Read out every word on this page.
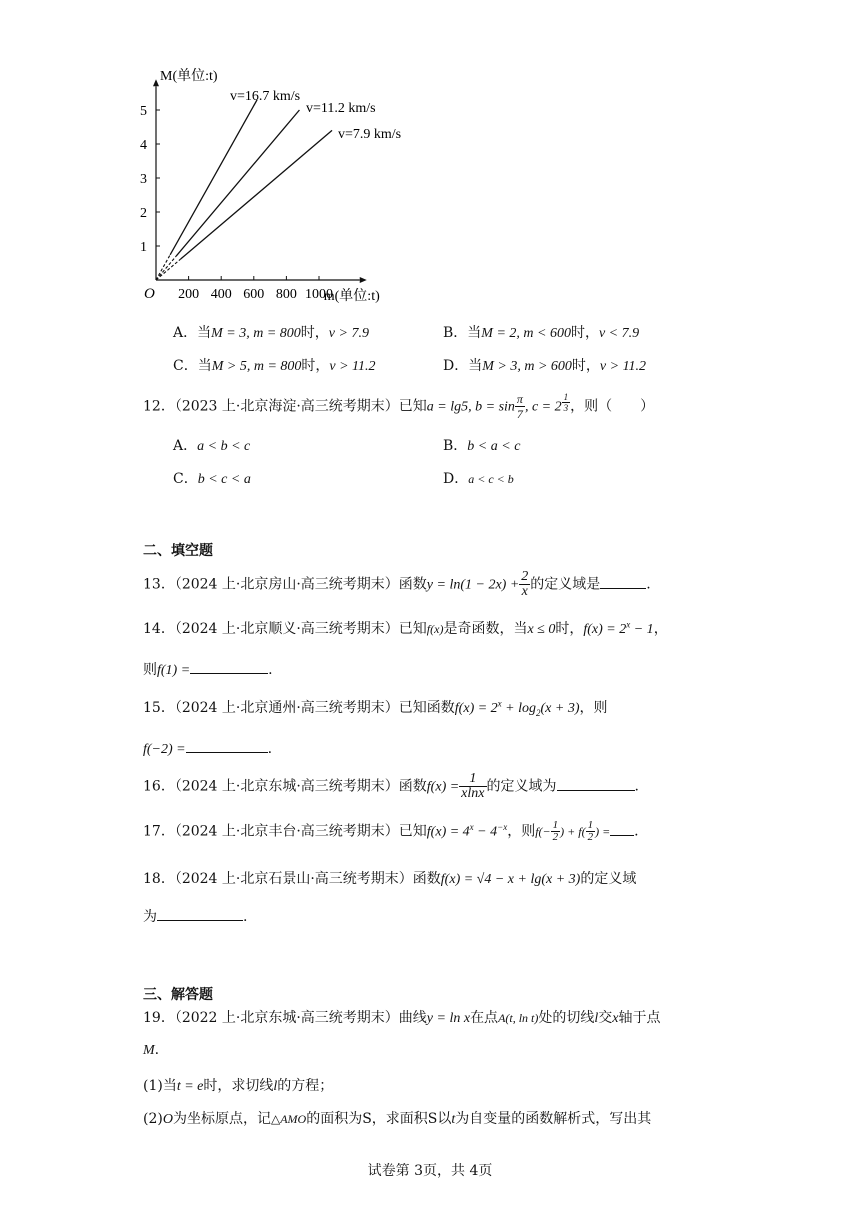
1
2
3
4
5
200 400 600 800 1000
O
M(单位:t)
m(单位:t)
v=16.7 km/s
v=11.2 km/s
v=7.9 km/s
A．当M = 3, m = 800时，v > 7.9	B．当M = 2, m < 600时，v < 7.9
C．当M > 5, m = 800时，v > 11.2	D．当M > 3, m > 600时，v > 11.2
12．（2023 上·北京海淀·高三统考期末）已知a = lg5, $b = \sin \frac{\pi}{7}$ , c = 2 $^{\frac{1}{3}}$ ，则（　　）
A．a < b < c	B．b < a < c
C．b < c < a	D．a < c < b
二、填空题
13．（2024 上·北京房山·高三统考期末）函数$y = \ln(1 - 2x) + \frac{2}{x}$ 的定义域是	.
14．（2024 上·北京顺义·高三统考期末）已知f(x)是奇函数，当x ≤ 0时，$f(x) = 2^x - 1$，
则f(1) =	.
15．（2024 上·北京通州·高三统考期末）已知函数$f(x) = 2^x + \log_2(x + 3)$，则
f(−2) =	.
16．（2024 上·北京东城·高三统考期末）函数$f(x) = \frac{1}{xlnx}$ 的定义域为	.
17．（2024 上·北京丰台·高三统考期末）已知$f(x) = 4^x - 4^{-x}$，则$f(- \frac{1}{2}$ ) + $f( \frac{1}{2}$ ) = .
18．（2024 上·北京石景山·高三统考期末）函数f(x) = √4 − x + lg(x + 3)的定义域
为	.
三、解答题
19．（2022 上·北京东城·高三统考期末）曲线y = ln x在点A(t, ln t)处的切线l交x轴于点
M.
(1)当t = e时，求切线l的方程；
(2)O为坐标原点，记△AMO的面积为S，求面积S以t为自变量的函数解析式，写出其
试卷第 3页，共 4页
